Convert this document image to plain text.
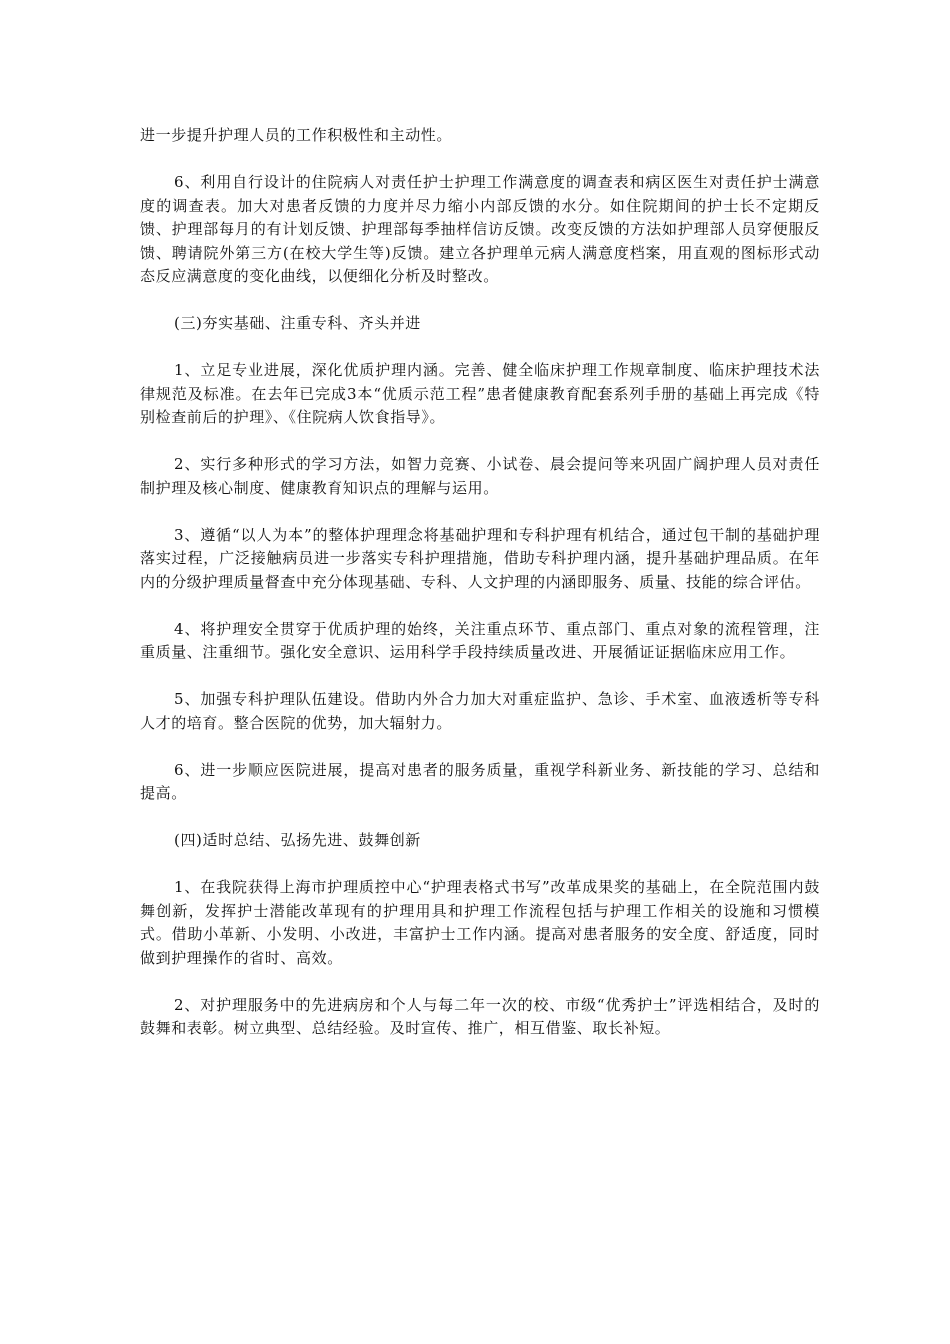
进一步提升护理人员的工作积极性和主动性。

6、利用自行设计的住院病人对责任护士护理工作满意度的调查表和病区医生对责任护士满意度的调查表。加大对患者反馈的力度并尽力缩小内部反馈的水分。如住院期间的护士长不定期反馈、护理部每月的有计划反馈、护理部每季抽样信访反馈。改变反馈的方法如护理部人员穿便服反馈、聘请院外第三方(在校大学生等)反馈。建立各护理单元病人满意度档案，用直观的图标形式动态反应满意度的变化曲线，以便细化分析及时整改。

(三)夯实基础、注重专科、齐头并进

1、立足专业进展，深化优质护理内涵。完善、健全临床护理工作规章制度、临床护理技术法律规范及标准。在去年已完成3本“优质示范工程”患者健康教育配套系列手册的基础上再完成《特别检查前后的护理》、《住院病人饮食指导》。

2、实行多种形式的学习方法，如智力竞赛、小试卷、晨会提问等来巩固广阔护理人员对责任制护理及核心制度、健康教育知识点的理解与运用。

3、遵循“以人为本”的整体护理理念将基础护理和专科护理有机结合，通过包干制的基础护理落实过程，广泛接触病员进一步落实专科护理措施，借助专科护理内涵，提升基础护理品质。在年内的分级护理质量督查中充分体现基础、专科、人文护理的内涵即服务、质量、技能的综合评估。

4、将护理安全贯穿于优质护理的始终，关注重点环节、重点部门、重点对象的流程管理，注重质量、注重细节。强化安全意识、运用科学手段持续质量改进、开展循证证据临床应用工作。

5、加强专科护理队伍建设。借助内外合力加大对重症监护、急诊、手术室、血液透析等专科人才的培育。整合医院的优势，加大辐射力。

6、进一步顺应医院进展，提高对患者的服务质量，重视学科新业务、新技能的学习、总结和提高。

(四)适时总结、弘扬先进、鼓舞创新

1、在我院获得上海市护理质控中心“护理表格式书写”改革成果奖的基础上，在全院范围内鼓舞创新，发挥护士潜能改革现有的护理用具和护理工作流程包括与护理工作相关的设施和习惯模式。借助小革新、小发明、小改进，丰富护士工作内涵。提高对患者服务的安全度、舒适度，同时做到护理操作的省时、高效。

2、对护理服务中的先进病房和个人与每二年一次的校、市级“优秀护士”评选相结合，及时的鼓舞和表彰。树立典型、总结经验。及时宣传、推广，相互借鉴、取长补短。
